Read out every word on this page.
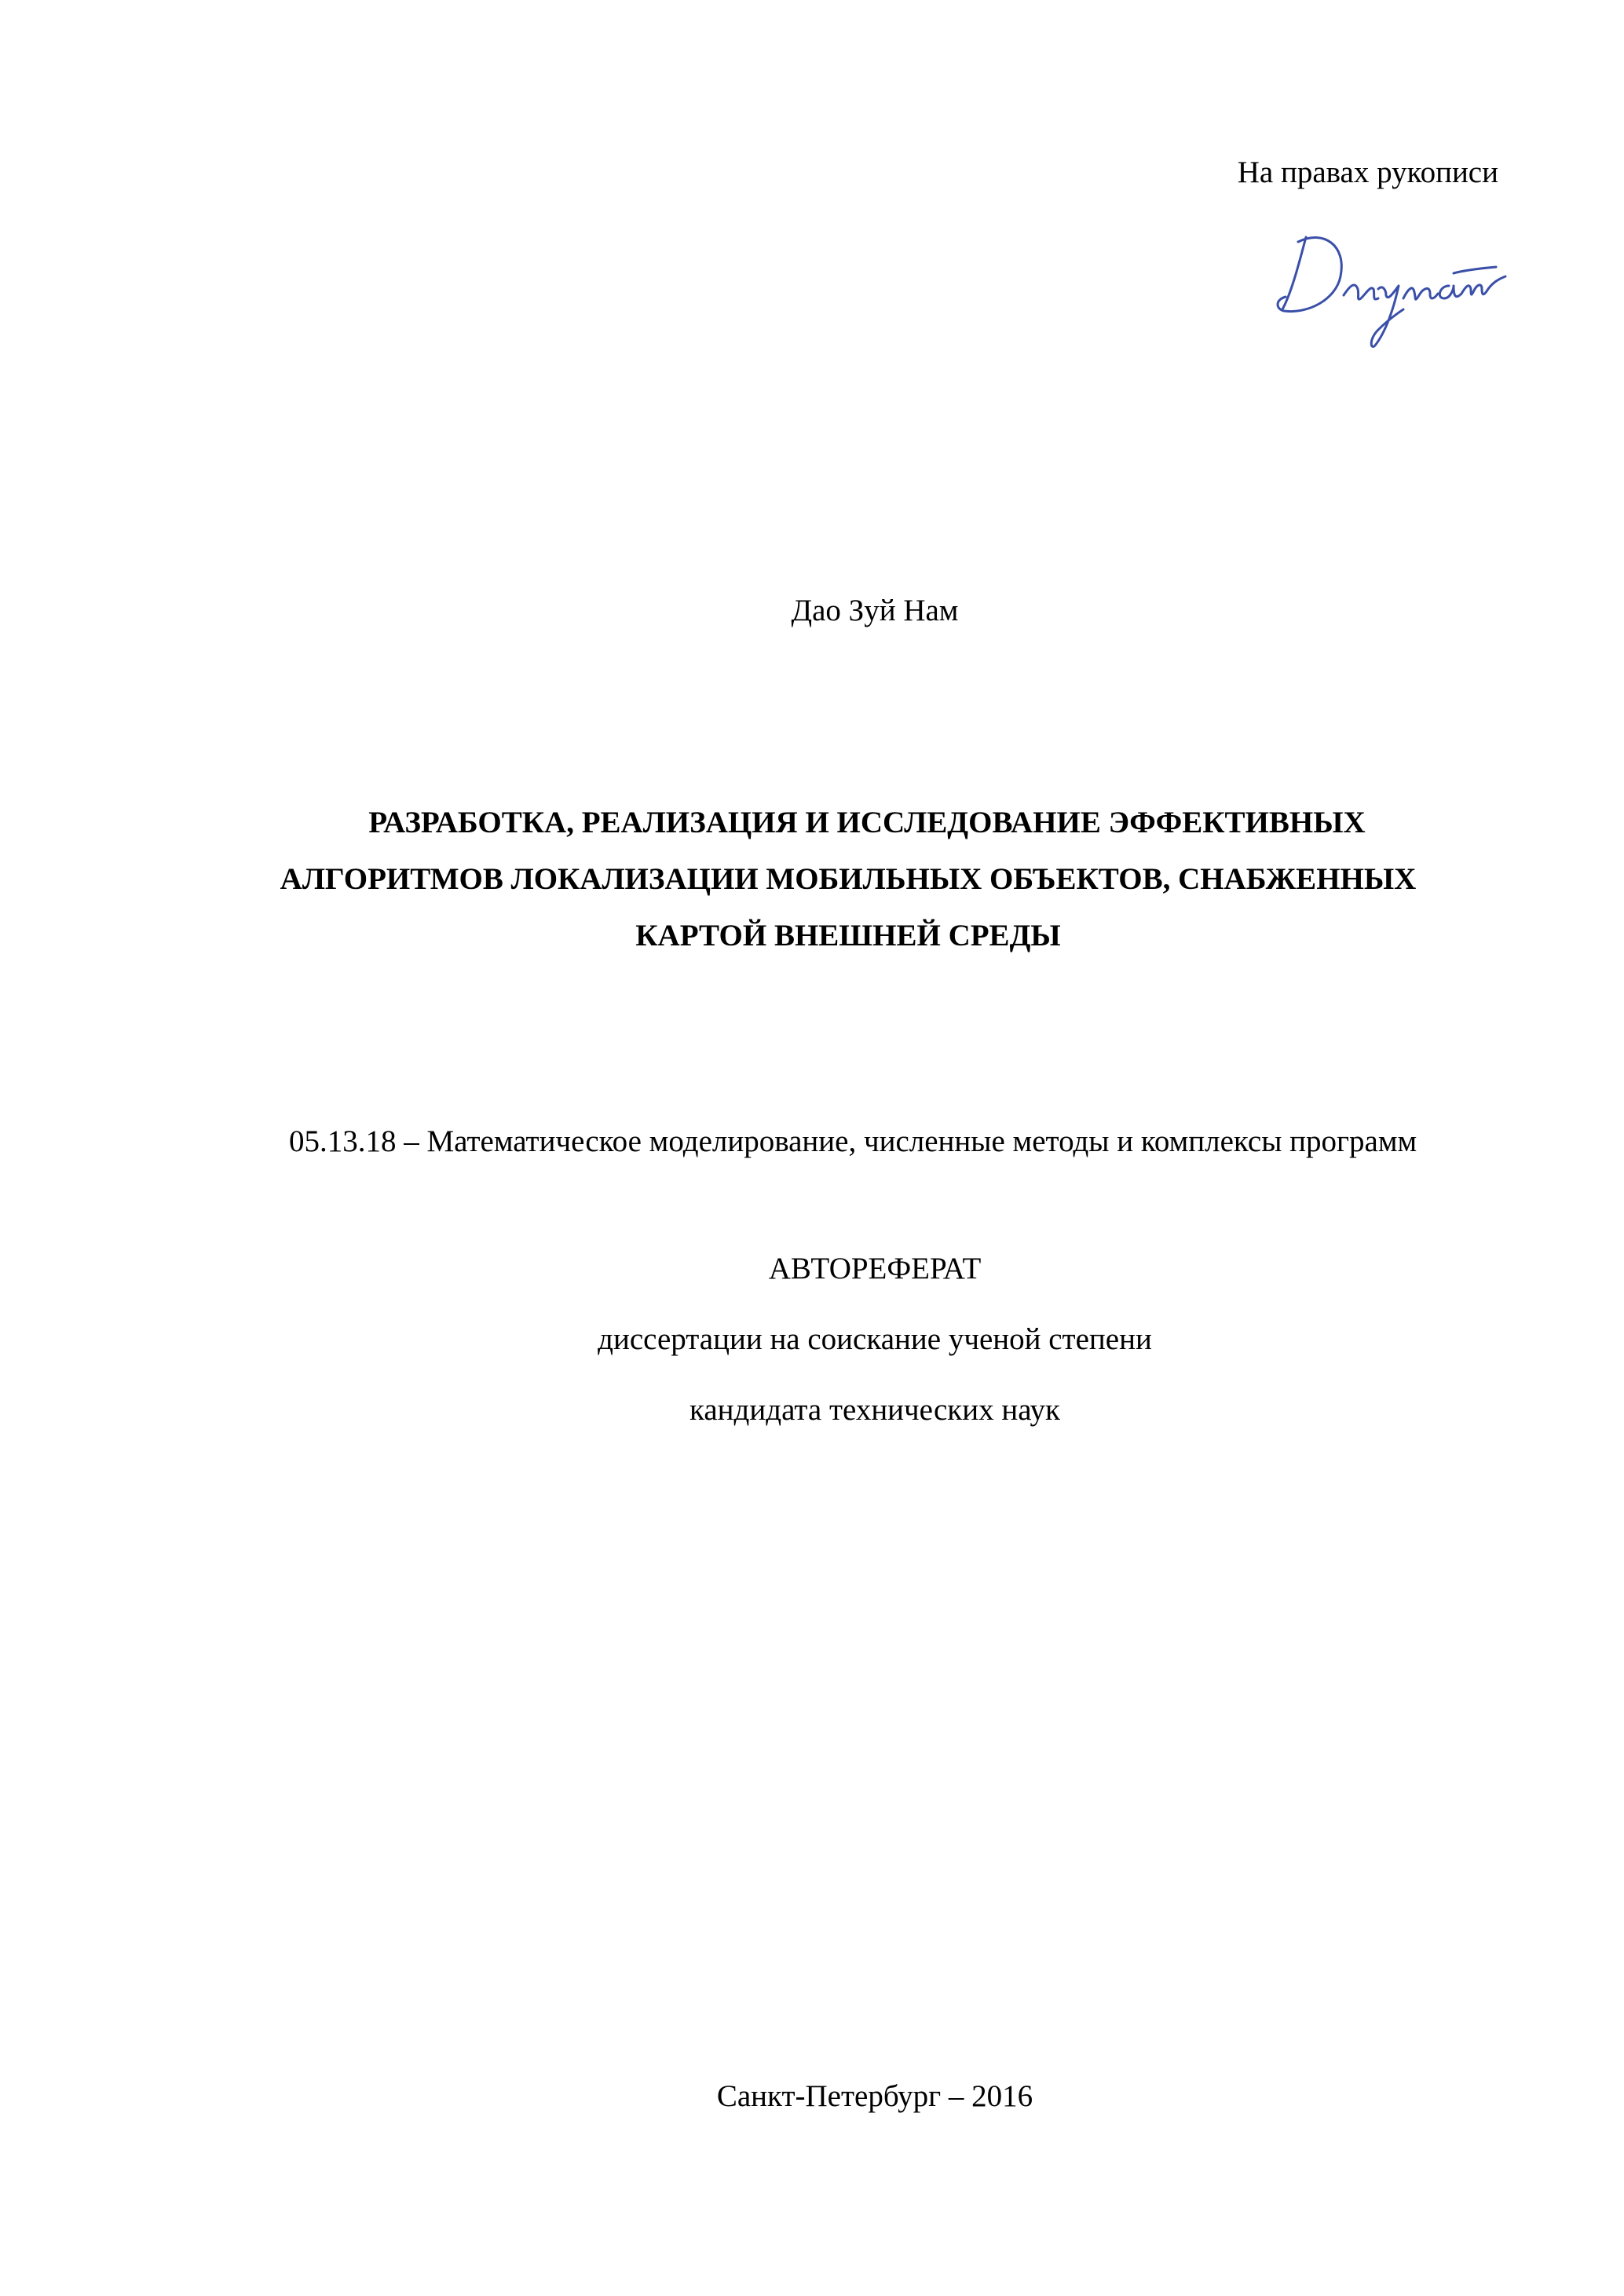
На правах рукописи

Дао Зуй Нам

РАЗРАБОТКА, РЕАЛИЗАЦИЯ И ИССЛЕДОВАНИЕ ЭФФЕКТИВНЫХ
АЛГОРИТМОВ ЛОКАЛИЗАЦИИ МОБИЛЬНЫХ ОБЪЕКТОВ, СНАБЖЕННЫХ
КАРТОЙ ВНЕШНЕЙ СРЕДЫ

05.13.18 – Математическое моделирование, численные методы и комплексы программ

АВТОРЕФЕРАТ

диссертации на соискание ученой степени

кандидата технических наук

Санкт-Петербург – 2016
